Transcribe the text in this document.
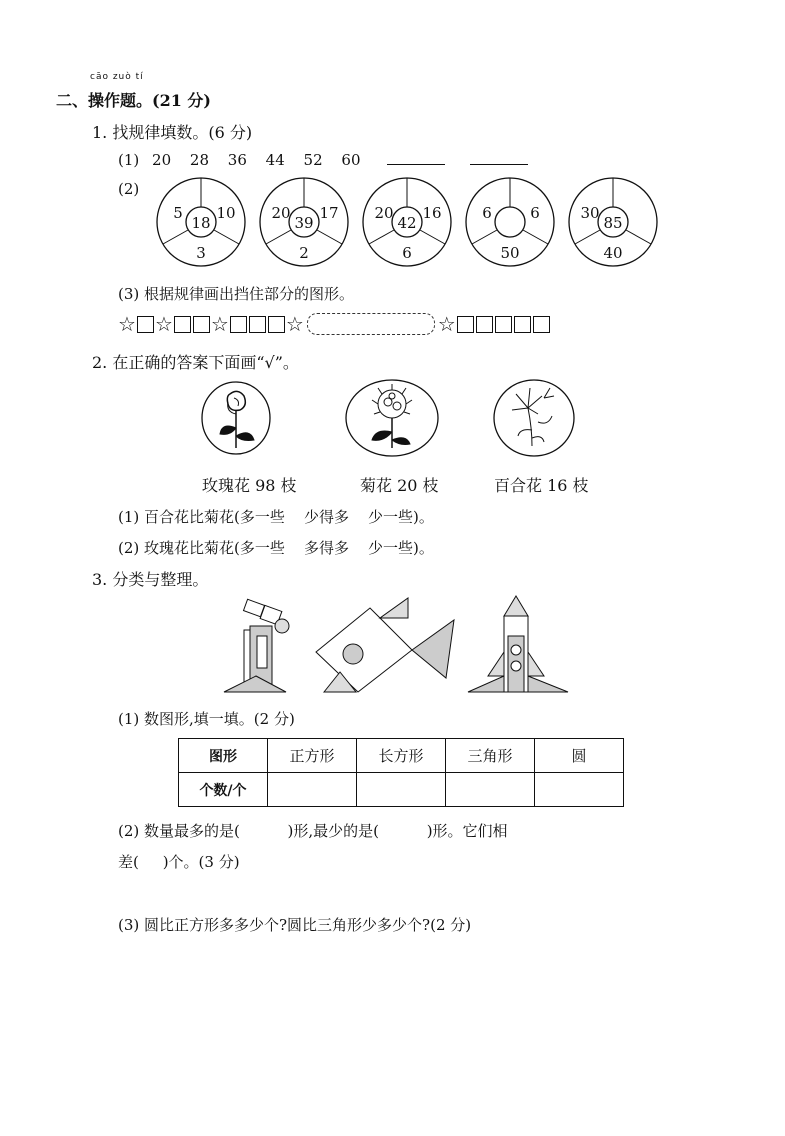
cāo zuò tí
二、操作题。(21 分)
1. 找规律填数。(6 分)
(1) 20 28 36 44 52 60
(2)
5 10
18
3
20 17
39
2
20 16
42
6
6	6
50
30
85
40
(3) 根据规律画出挡住部分的图形。
☆ ☆ ☆	☆	☆
2. 在正确的答案下面画“√”。
玫瑰花 98 枝	菊花 20 枝	百合花 16 枝
(1) 百合花比菊花(多一些    少得多    少一些)。
(2) 玫瑰花比菊花(多一些    多得多    少一些)。
3. 分类与整理。
(1) 数图形,填一填。(2 分)
图形	正方形	长方形	三角形	圆
个数/个				
(2) 数量最多的是(          )形,最少的是(          )形。它们相
差(     )个。(3 分)
(3) 圆比正方形多多少个?圆比三角形少多少个?(2 分)
